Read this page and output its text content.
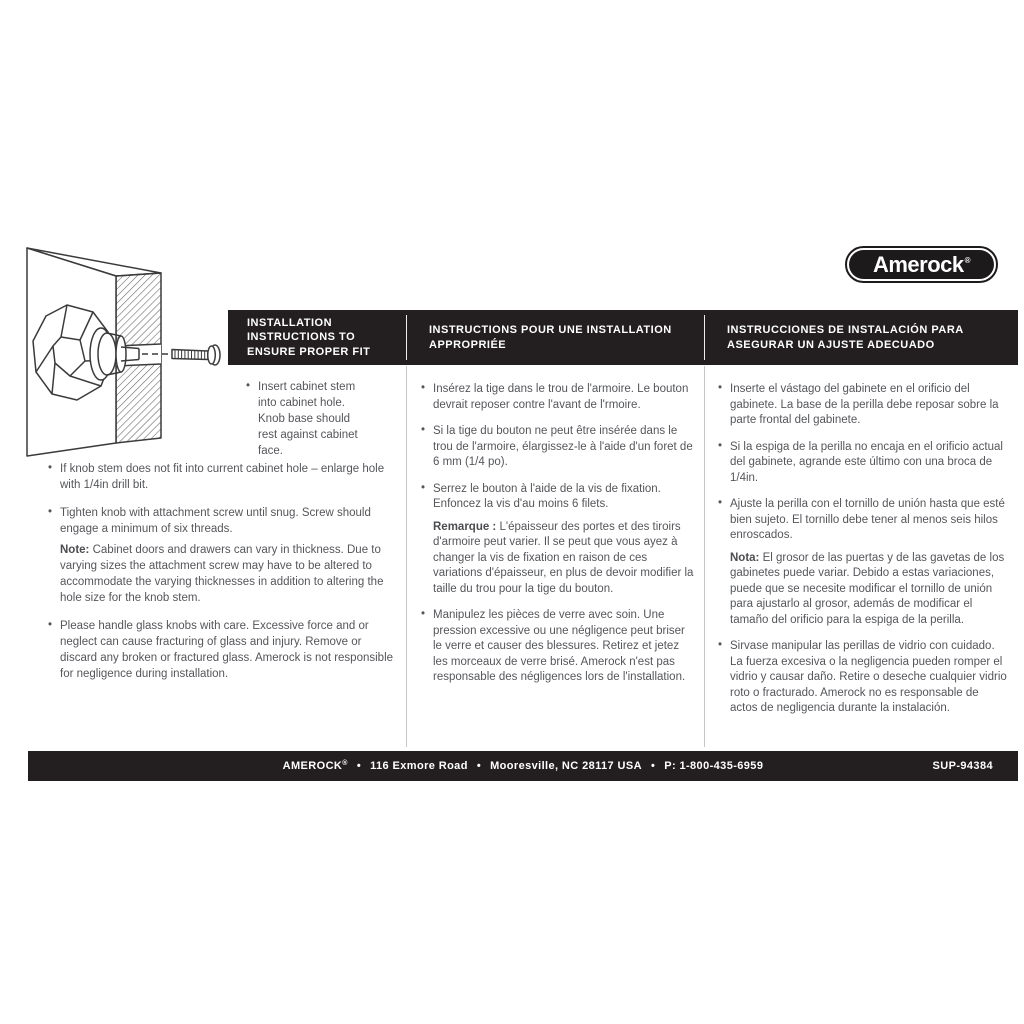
Amerock ®
INSTALLATION INSTRUCTIONS TO ENSURE PROPER FIT
INSTRUCTIONS POUR UNE INSTALLATION APPROPRIÉE
INSTRUCCIONES DE INSTALACIÓN PARA ASEGURAR UN AJUSTE ADECUADO
• Insert cabinet stem into cabinet hole. Knob base should rest against cabinet face.
• If knob stem does not fit into current cabinet hole – enlarge hole with 1/4in drill bit.
• Tighten knob with attachment screw until snug. Screw should engage a minimum of six threads.
Note: Cabinet doors and drawers can vary in thickness. Due to varying sizes the attachment screw may have to be altered to accommodate the varying thicknesses in addition to altering the hole size for the knob stem.
• Please handle glass knobs with care. Excessive force and or neglect can cause fracturing of glass and injury. Remove or discard any broken or fractured glass. Amerock is not responsible for negligence during installation.
• Insérez la tige dans le trou de l'armoire. Le bouton devrait reposer contre l'avant de l'rmoire.
• Si la tige du bouton ne peut être insérée dans le trou de l'armoire, élargissez-le à l'aide d'un foret de 6 mm (1/4 po).
• Serrez le bouton à l'aide de la vis de fixation. Enfoncez la vis d'au moins 6 filets.
Remarque : L'épaisseur des portes et des tiroirs d'armoire peut varier. Il se peut que vous ayez à changer la vis de fixation en raison de ces variations d'épaisseur, en plus de devoir modifier la taille du trou pour la tige du bouton.
• Manipulez les pièces de verre avec soin. Une pression excessive ou une négligence peut briser le verre et causer des blessures. Retirez et jetez les morceaux de verre brisé. Amerock n'est pas responsable des négligences lors de l'installation.
• Inserte el vástago del gabinete en el orificio del gabinete. La base de la perilla debe reposar sobre la parte frontal del gabinete.
• Si la espiga de la perilla no encaja en el orificio actual del gabinete, agrande este último con una broca de 1/4in.
• Ajuste la perilla con el tornillo de unión hasta que esté bien sujeto. El tornillo debe tener al menos seis hilos enroscados.
Nota: El grosor de las puertas y de las gavetas de los gabinetes puede variar. Debido a estas variaciones, puede que se necesite modificar el tornillo de unión para ajustarlo al grosor, además de modificar el tamaño del orificio para la espiga de la perilla.
• Sirvase manipular las perillas de vidrio con cuidado. La fuerza excesiva o la negligencia pueden romper el vidrio y causar daño. Retire o deseche cualquier vidrio roto o fracturado. Amerock no es responsable de actos de negligencia durante la instalación.
AMEROCK® • 116 Exmore Road • Mooresville, NC 28117 USA • P: 1-800-435-6959	SUP-94384
